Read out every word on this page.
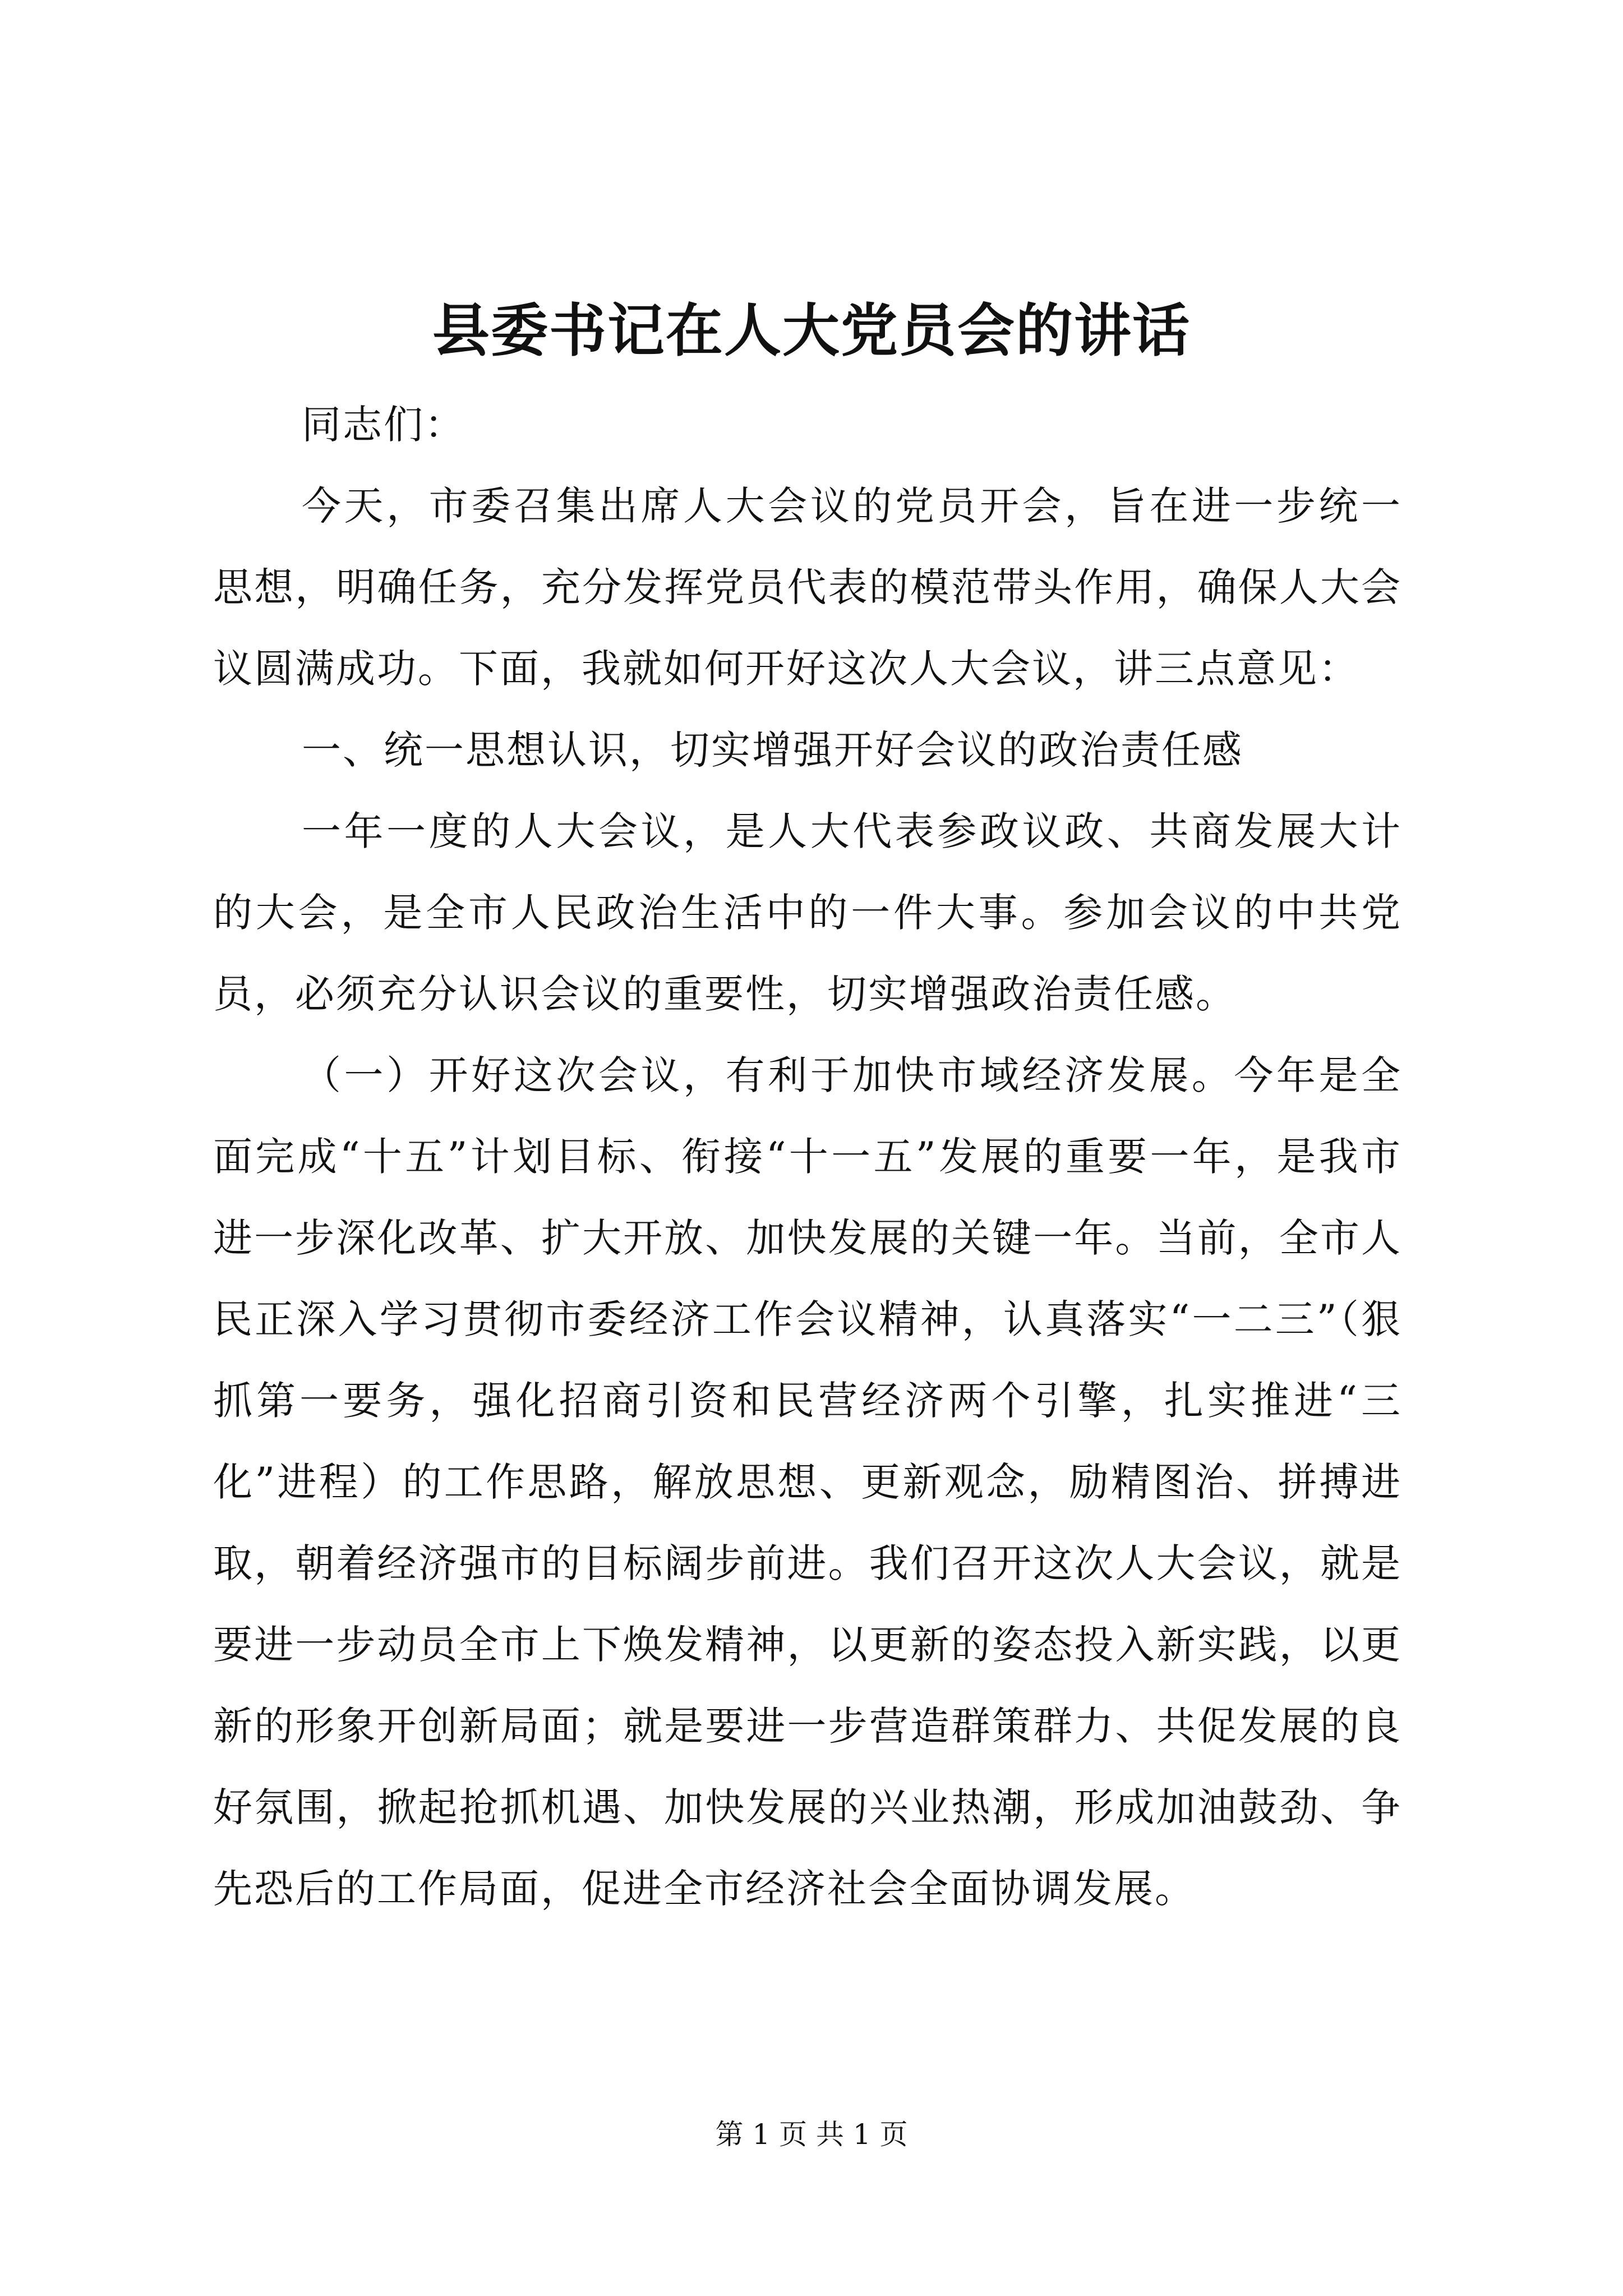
县委书记在人大党员会的讲话

同志们：

今天，市委召集出席人大会议的党员开会，旨在进一步统一思想，明确任务，充分发挥党员代表的模范带头作用，确保人大会议圆满成功。下面，我就如何开好这次人大会议，讲三点意见：

一、统一思想认识，切实增强开好会议的政治责任感

一年一度的人大会议，是人大代表参政议政、共商发展大计的大会，是全市人民政治生活中的一件大事。参加会议的中共党员，必须充分认识会议的重要性，切实增强政治责任感。

（一）开好这次会议，有利于加快市域经济发展。今年是全面完成“十五”计划目标、衔接“十一五”发展的重要一年，是我市进一步深化改革、扩大开放、加快发展的关键一年。当前，全市人民正深入学习贯彻市委经济工作会议精神，认真落实“一二三”（狠抓第一要务，强化招商引资和民营经济两个引擎，扎实推进“三化”进程）的工作思路，解放思想、更新观念，励精图治、拼搏进取，朝着经济强市的目标阔步前进。我们召开这次人大会议，就是要进一步动员全市上下焕发精神，以更新的姿态投入新实践，以更新的形象开创新局面；就是要进一步营造群策群力、共促发展的良好氛围，掀起抢抓机遇、加快发展的兴业热潮，形成加油鼓劲、争先恐后的工作局面，促进全市经济社会全面协调发展。

第 1 页 共 1 页
